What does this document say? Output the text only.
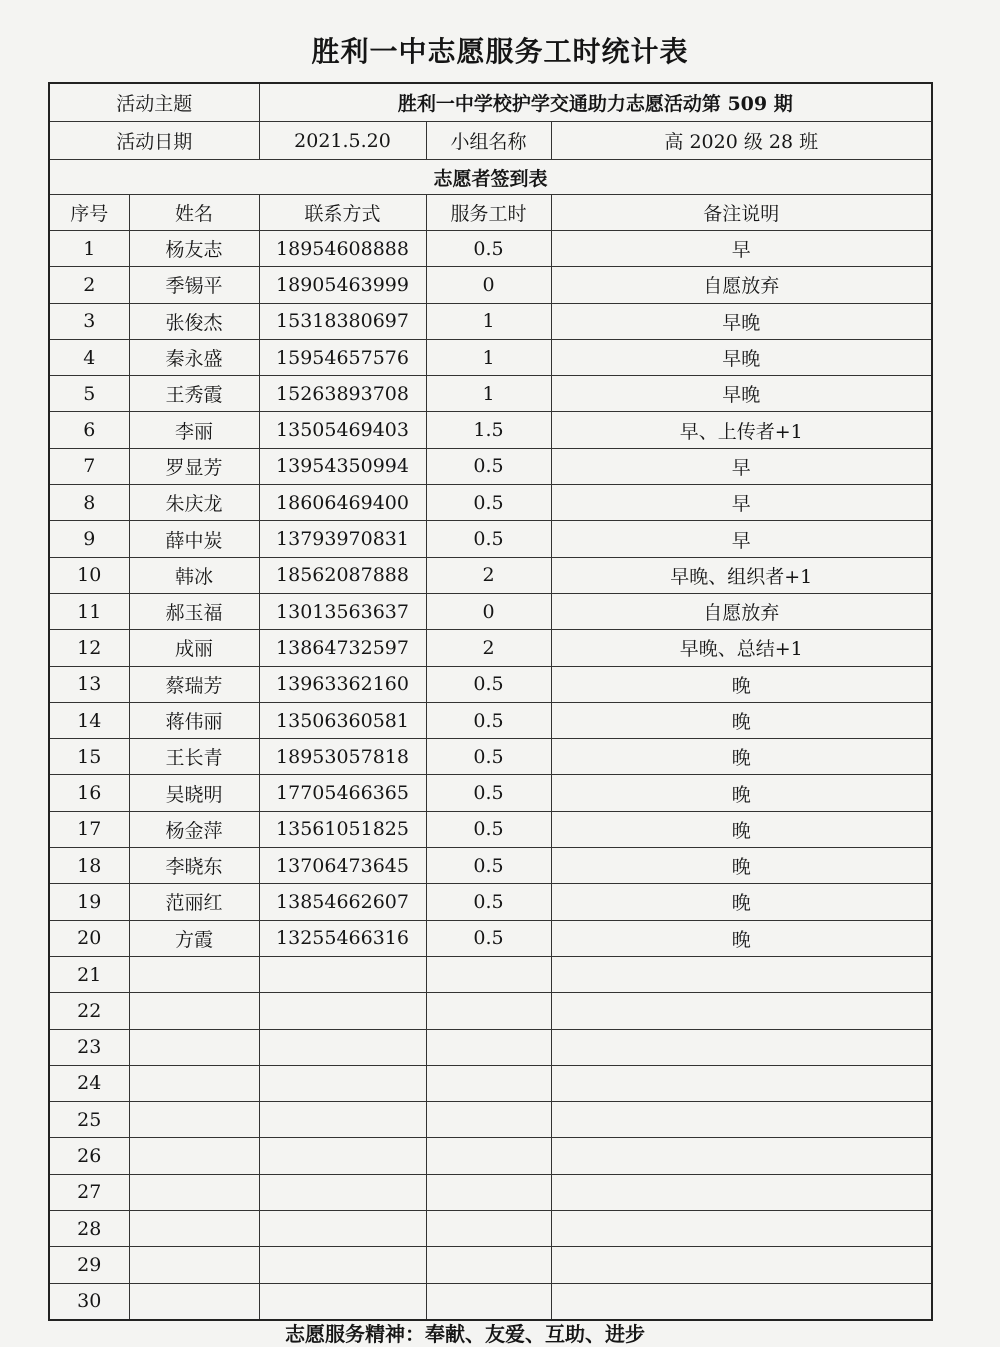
胜利一中志愿服务工时统计表
活动主题		胜利一中学校护学交通助力志愿活动第 509 期		
活动日期		2021.5.20	小组名称	高 2020 级 28 班
志愿者签到表				
序号	姓名	联系方式	服务工时	备注说明
1	杨友志	18954608888	0.5	早
2	季锡平	18905463999	0	自愿放弃
3	张俊杰	15318380697	1	早晚
4	秦永盛	15954657576	1	早晚
5	王秀霞	15263893708	1	早晚
6	李丽	13505469403	1.5	早、上传者+1
7	罗显芳	13954350994	0.5	早
8	朱庆龙	18606469400	0.5	早
9	薛中炭	13793970831	0.5	早
10	韩冰	18562087888	2	早晚、组织者+1
11	郝玉福	13013563637	0	自愿放弃
12	成丽	13864732597	2	早晚、总结+1
13	蔡瑞芳	13963362160	0.5	晚
14	蒋伟丽	13506360581	0.5	晚
15	王长青	18953057818	0.5	晚
16	吴晓明	17705466365	0.5	晚
17	杨金萍	13561051825	0.5	晚
18	李晓东	13706473645	0.5	晚
19	范丽红	13854662607	0.5	晚
20	方霞	13255466316	0.5	晚
21				
22				
23				
24				
25				
26				
27				
28				
29				
30				
志愿服务精神：奉献、友爱、互助、进步
